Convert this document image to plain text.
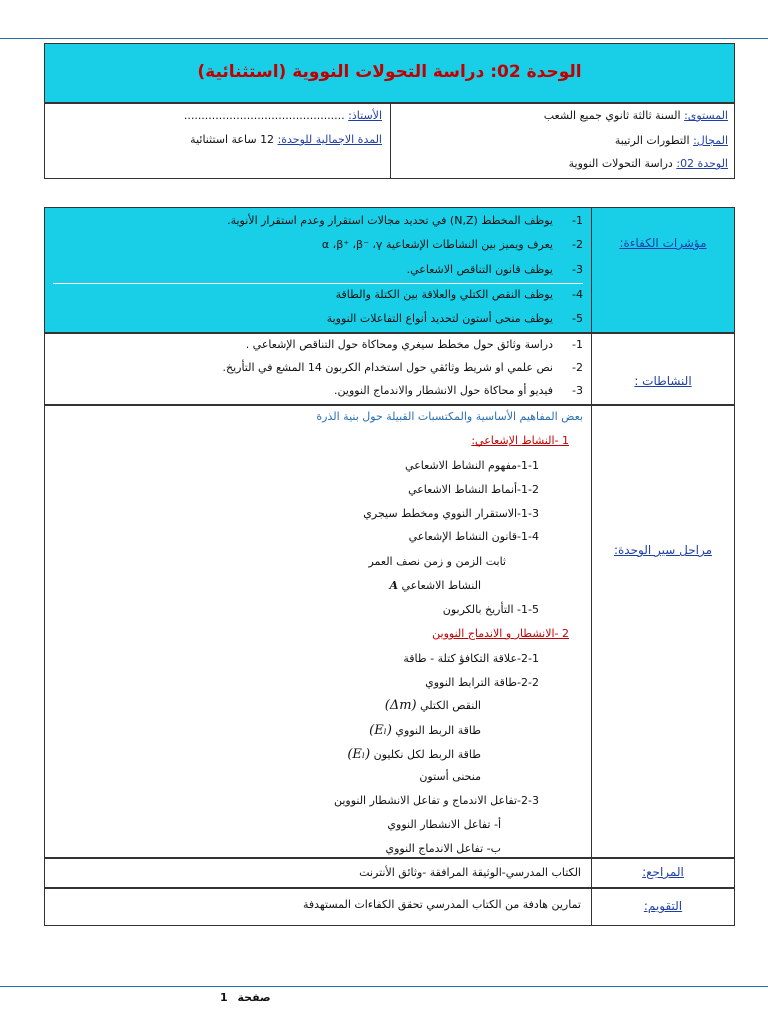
الوحدة 02: دراسة التحولات النووية (استثنائية)
المستوى: السنة ثالثة ثانوي جميع الشعب
المجال: التطورات الرتيبة
الوحدة 02: دراسة التحولات النووية
الأستاذ: ..............................................
المدة الاجمالية للوحدة: 12 ساعة استثنائية
1-يوظف المخطط (N,Z) في تحديد مجالات استقرار وعدم استقرار الأنوية.
2-يعرف ويميز بين النشاطات الإشعاعية α ،β⁺ ،β⁻ ،γ
3-يوظف قانون التناقص الاشعاعي.
4-يوظف النقص الكتلي والعلاقة بين الكتلة والطاقة
5-يوظف منحى أستون لتحديد أنواع التفاعلات النووية
مؤشرات الكفاءة:
1-دراسة وثائق حول مخطط سيغري ومحاكاة حول التناقص الإشعاعي .
2-نص علمي او شريط وثائقي حول استخدام الكربون 14 المشع في التأريخ.
3-فيديو أو محاكاة حول الانشطار والاندماج النووين.
النشاطات :
بعض المفاهيم الأساسية والمكتسبات القبيلة حول بنية الذرة
1 -النشاط الإشعاعي:
1-1-مفهوم النشاط الاشعاعي
1-2-أنماط النشاط الاشعاعي
1-3-الاستقرار النووي ومخطط سيجري
1-4-قانون النشاط الإشعاعي
ثابت الزمن و زمن نصف العمر
النشاط الاشعاعي A
1-5- التأريخ بالكربون
2 -الانشطار و الاندماج النووين
2-1-علاقة التكافؤ كتلة - طاقة
2-2-طاقة الترابط النووي
النقص الكتلي (Δm)
طاقة الربط النووي (Eₗ)
طاقة الربط لكل نكليون (Eₗ)
منحنى أستون
2-3-تفاعل الاندماج و تفاعل الانشطار النووين
أ- تفاعل الانشطار النووي
ب- تفاعل الاندماج النووي
مراحل سير الوحدة:
الكتاب المدرسي-الوثيقة المرافقة -وثائق الأنترنت	المراجع:
تمارين هادفة من الكتاب المدرسي تحقق الكفاءات المستهدفة	التقويم:
صفحة 1
